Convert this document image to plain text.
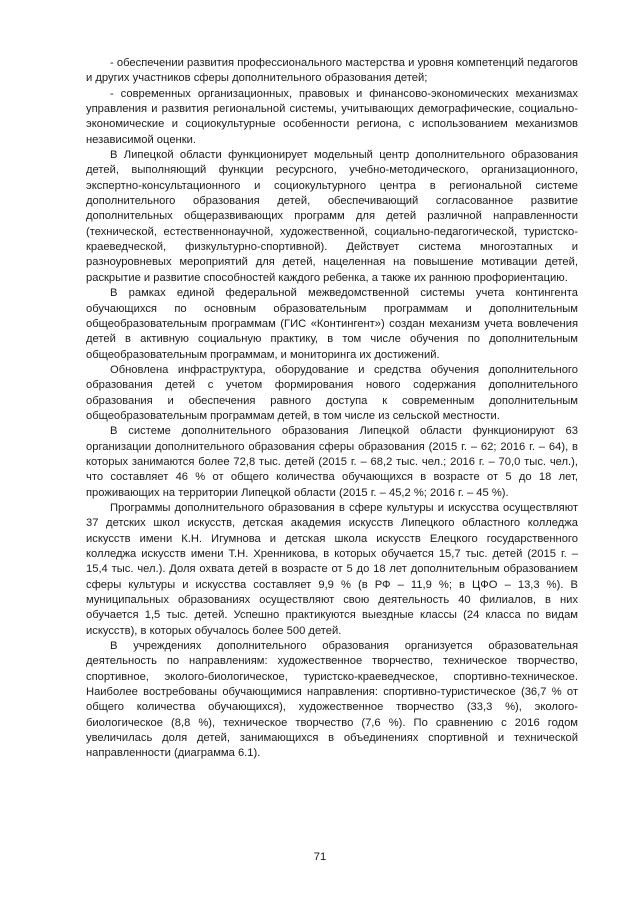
- обеспечении развития профессионального мастерства и уровня компетенций педагогов и других участников сферы дополнительного образования детей;

- современных организационных, правовых и финансово-экономических механизмах управления и развития региональной системы, учитывающих демографические, социально-экономические и социокультурные особенности региона, с использованием механизмов независимой оценки.

В Липецкой области функционирует модельный центр дополнительного образования детей, выполняющий функции ресурсного, учебно-методического, организационного, экспертно-консультационного и социокультурного центра в региональной системе дополнительного образования детей, обеспечивающий согласованное развитие дополнительных общеразвивающих программ для детей различной направленности (технической, естественнонаучной, художественной, социально-педагогической, туристско-краеведческой, физкультурно-спортивной). Действует система многоэтапных и разноуровневых мероприятий для детей, нацеленная на повышение мотивации детей, раскрытие и развитие способностей каждого ребенка, а также их раннюю профориентацию.

В рамках единой федеральной межведомственной системы учета контингента обучающихся по основным образовательным программам и дополнительным общеобразовательным программам (ГИС «Контингент») создан механизм учета вовлечения детей в активную социальную практику, в том числе обучения по дополнительным общеобразовательным программам, и мониторинга их достижений.

Обновлена инфраструктура, оборудование и средства обучения дополнительного образования детей с учетом формирования нового содержания дополнительного образования и обеспечения равного доступа к современным дополнительным общеобразовательным программам детей, в том числе из сельской местности.

В системе дополнительного образования Липецкой области функционируют 63 организации дополнительного образования сферы образования (2015 г. – 62; 2016 г. – 64), в которых занимаются более 72,8 тыс. детей (2015 г. – 68,2 тыс. чел.; 2016 г. – 70,0 тыс. чел.), что составляет 46 % от общего количества обучающихся в возрасте от 5 до 18 лет, проживающих на территории Липецкой области (2015 г. – 45,2 %; 2016 г. – 45 %).

Программы дополнительного образования в сфере культуры и искусства осуществляют 37 детских школ искусств, детская академия искусств Липецкого областного колледжа искусств имени К.Н. Игумнова и детская школа искусств Елецкого государственного колледжа искусств имени Т.Н. Хренникова, в которых обучается 15,7 тыс. детей (2015 г. – 15,4 тыс. чел.). Доля охвата детей в возрасте от 5 до 18 лет дополнительным образованием сферы культуры и искусства составляет 9,9 % (в РФ – 11,9 %; в ЦФО – 13,3 %). В муниципальных образованиях осуществляют свою деятельность 40 филиалов, в них обучается 1,5 тыс. детей. Успешно практикуются выездные классы (24 класса по видам искусств), в которых обучалось более 500 детей.

В учреждениях дополнительного образования организуется образовательная деятельность по направлениям: художественное творчество, техническое творчество, спортивное, эколого-биологическое, туристско-краеведческое, спортивно-техническое. Наиболее востребованы обучающимися направления: спортивно-туристическое (36,7 % от общего количества обучающихся), художественное творчество (33,3 %), эколого-биологическое (8,8 %), техническое творчество (7,6 %). По сравнению с 2016 годом увеличилась доля детей, занимающихся в объединениях спортивной и технической направленности (диаграмма 6.1).

71
